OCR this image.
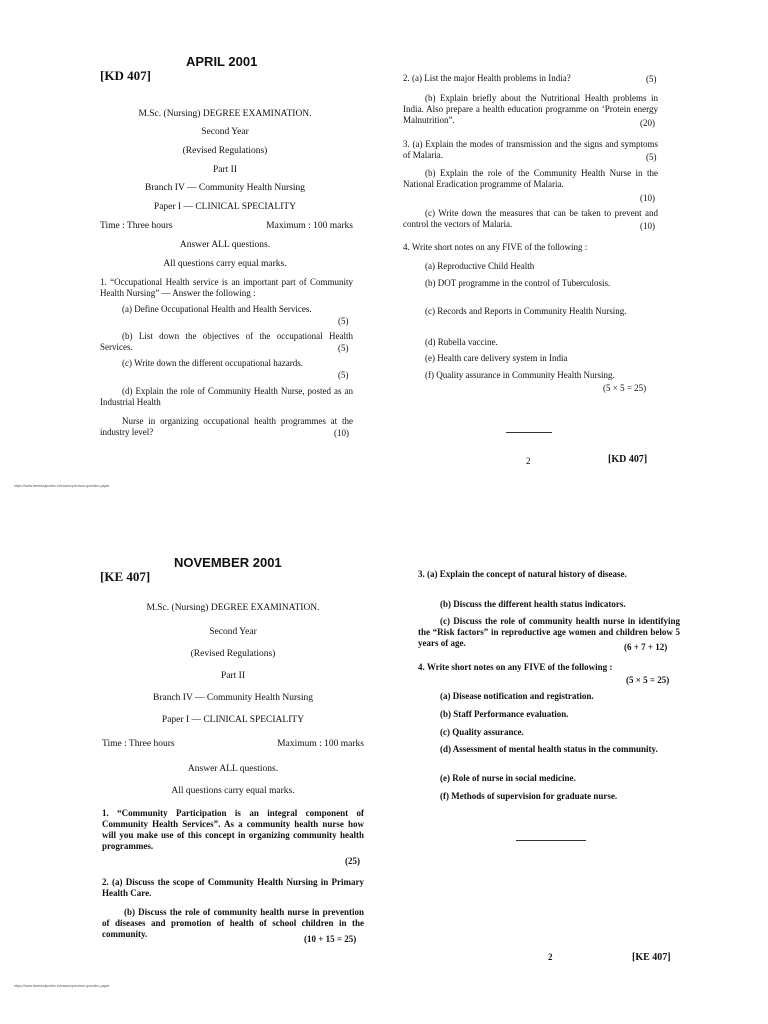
APRIL 2001
[KD 407]
M.Sc. (Nursing) DEGREE EXAMINATION.
Second Year
(Revised Regulations)
Part II
Branch IV — Community Health Nursing
Paper I — CLINICAL SPECIALITY
Time : Three hours	Maximum : 100 marks
Answer ALL questions.
All questions carry equal marks.
1. “Occupational Health service is an important part of Community Health Nursing” — Answer the following :
(a) Define Occupational Health and Health Services.
(5)
(b) List down the objectives of the occupational Health Services.	(5)
(c) Write down the different occupational hazards.
(5)
(d) Explain the role of Community Health Nurse, posted as an Industrial Health
Nurse in organizing occupational health programmes at the industry level?	(10)
2. (a) List the major Health problems in India?	(5)
(b) Explain briefly about the Nutritional Health problems in India. Also prepare a health education programme on ‘Protein energy Malnutrition”.	(20)
3. (a) Explain the modes of transmission and the signs and symptoms of Malaria.	(5)
(b) Explain the role of the Community Health Nurse in the National Eradication programme of Malaria.
(10)
(c) Write down the measures that can be taken to prevent and control the vectors of Malaria.	(10)
4. Write short notes on any FIVE of the following :
(a) Reproductive Child Health
(b) DOT programme in the control of Tuberculosis.
(c) Records and Reports in Community Health Nursing.
(d) Rubella vaccine.
(e) Health care delivery system in India
(f) Quality assurance in Community Health Nursing.
(5 × 5 = 25)
2	[KD 407]
https://www.freestudynotes.in/exams/previous-question-paper
NOVEMBER 2001
[KE 407]
M.Sc. (Nursing) DEGREE EXAMINATION.
Second Year
(Revised Regulations)
Part II
Branch IV — Community Health Nursing
Paper I — CLINICAL SPECIALITY
Time : Three hours	Maximum : 100 marks
Answer ALL questions.
All questions carry equal marks.
1. “Community Participation is an integral component of Community Health Services”. As a community health nurse how will you make use of this concept in organizing community health programmes.
(25)
2. (a) Discuss the scope of Community Health Nursing in Primary Health Care.
(b) Discuss the role of community health nurse in prevention of diseases and promotion of health of school children in the community.	(10 + 15 = 25)
3. (a) Explain the concept of natural history of disease.
(b) Discuss the different health status indicators.
(c) Discuss the role of community health nurse in identifying the “Risk factors” in reproductive age women and children below 5 years of age.	(6 + 7 + 12)
4. Write short notes on any FIVE of the following :
(5 × 5 = 25)
(a) Disease notification and registration.
(b) Staff Performance evaluation.
(c) Quality assurance.
(d) Assessment of mental health status in the community.
(e) Role of nurse in social medicine.
(f) Methods of supervision for graduate nurse.
2	[KE 407]
https://www.freestudynotes.in/exams/previous-question-paper
